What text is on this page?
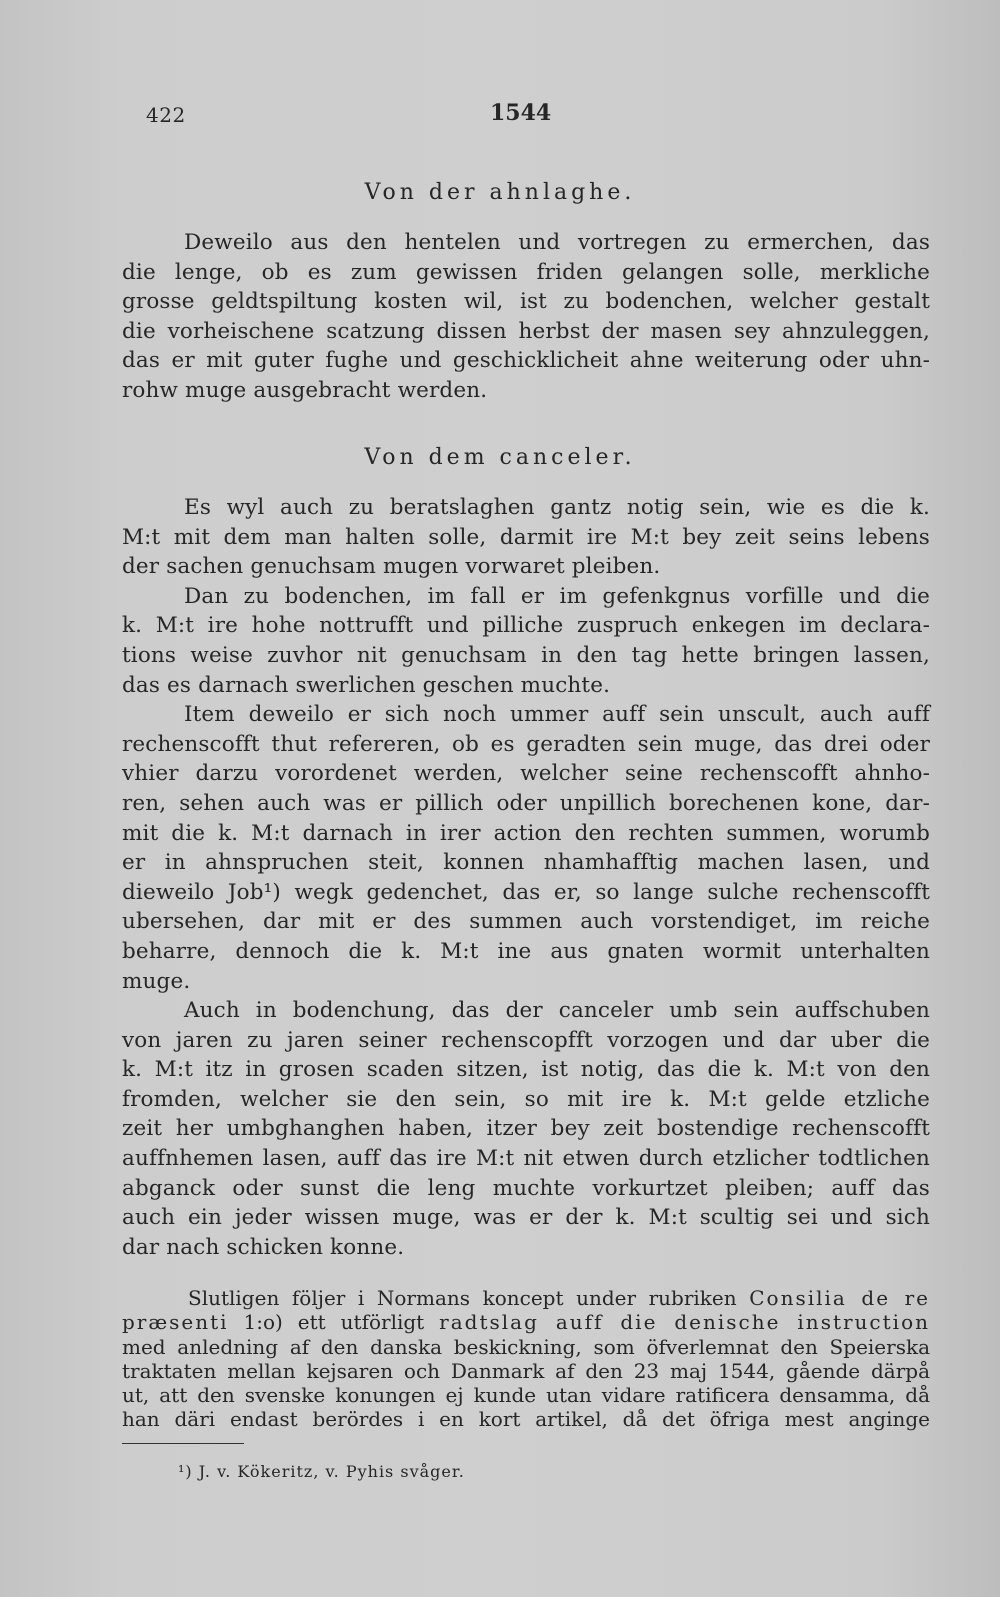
422	1544
Von der ahnlaghe.
Deweilo aus den hentelen und vortregen zu ermerchen, das
die lenge, ob es zum gewissen friden gelangen solle, merkliche
grosse geldtspiltung kosten wil, ist zu bodenchen, welcher gestalt
die vorheischene scatzung dissen herbst der masen sey ahnzuleggen,
das er mit guter fughe und geschicklicheit ahne weiterung oder uhn-
rohw muge ausgebracht werden.
Von dem canceler.
Es wyl auch zu beratslaghen gantz notig sein, wie es die k.
M:t mit dem man halten solle, darmit ire M:t bey zeit seins lebens
der sachen genuchsam mugen vorwaret pleiben.
Dan zu bodenchen, im fall er im gefenkgnus vorfille und die
k. M:t ire hohe nottrufft und pilliche zuspruch enkegen im declara-
tions weise zuvhor nit genuchsam in den tag hette bringen lassen,
das es darnach swerlichen geschen muchte.
Item deweilo er sich noch ummer auff sein unscult, auch auff
rechenscofft thut refereren, ob es geradten sein muge, das drei oder
vhier darzu vorordenet werden, welcher seine rechenscofft ahnho-
ren, sehen auch was er pillich oder unpillich borechenen kone, dar-
mit die k. M:t darnach in irer action den rechten summen, worumb
er in ahnspruchen steit, konnen nhamhafftig machen lasen, und
dieweilo Job¹) wegk gedenchet, das er, so lange sulche rechenscofft
ubersehen, dar mit er des summen auch vorstendiget, im reiche
beharre, dennoch die k. M:t ine aus gnaten wormit unterhalten
muge.
Auch in bodenchung, das der canceler umb sein auffschuben
von jaren zu jaren seiner rechenscopfft vorzogen und dar uber die
k. M:t itz in grosen scaden sitzen, ist notig, das die k. M:t von den
fromden, welcher sie den sein, so mit ire k. M:t gelde etzliche
zeit her umbghanghen haben, itzer bey zeit bostendige rechenscofft
auffnhemen lasen, auff das ire M:t nit etwen durch etzlicher todtlichen
abganck oder sunst die leng muchte vorkurtzet pleiben; auff das
auch ein jeder wissen muge, was er der k. M:t scultig sei und sich
dar nach schicken konne.
Slutligen följer i Normans koncept under rubriken Consilia de re
præsenti 1:o) ett utförligt radtslag auff die denische instruction
med anledning af den danska beskickning, som öfverlemnat den Speierska
traktaten mellan kejsaren och Danmark af den 23 maj 1544, gående därpå
ut, att den svenske konungen ej kunde utan vidare ratificera densamma, då
han däri endast berördes i en kort artikel, då det öfriga mest anginge
¹) J. v. Kökeritz, v. Pyhis svåger.
